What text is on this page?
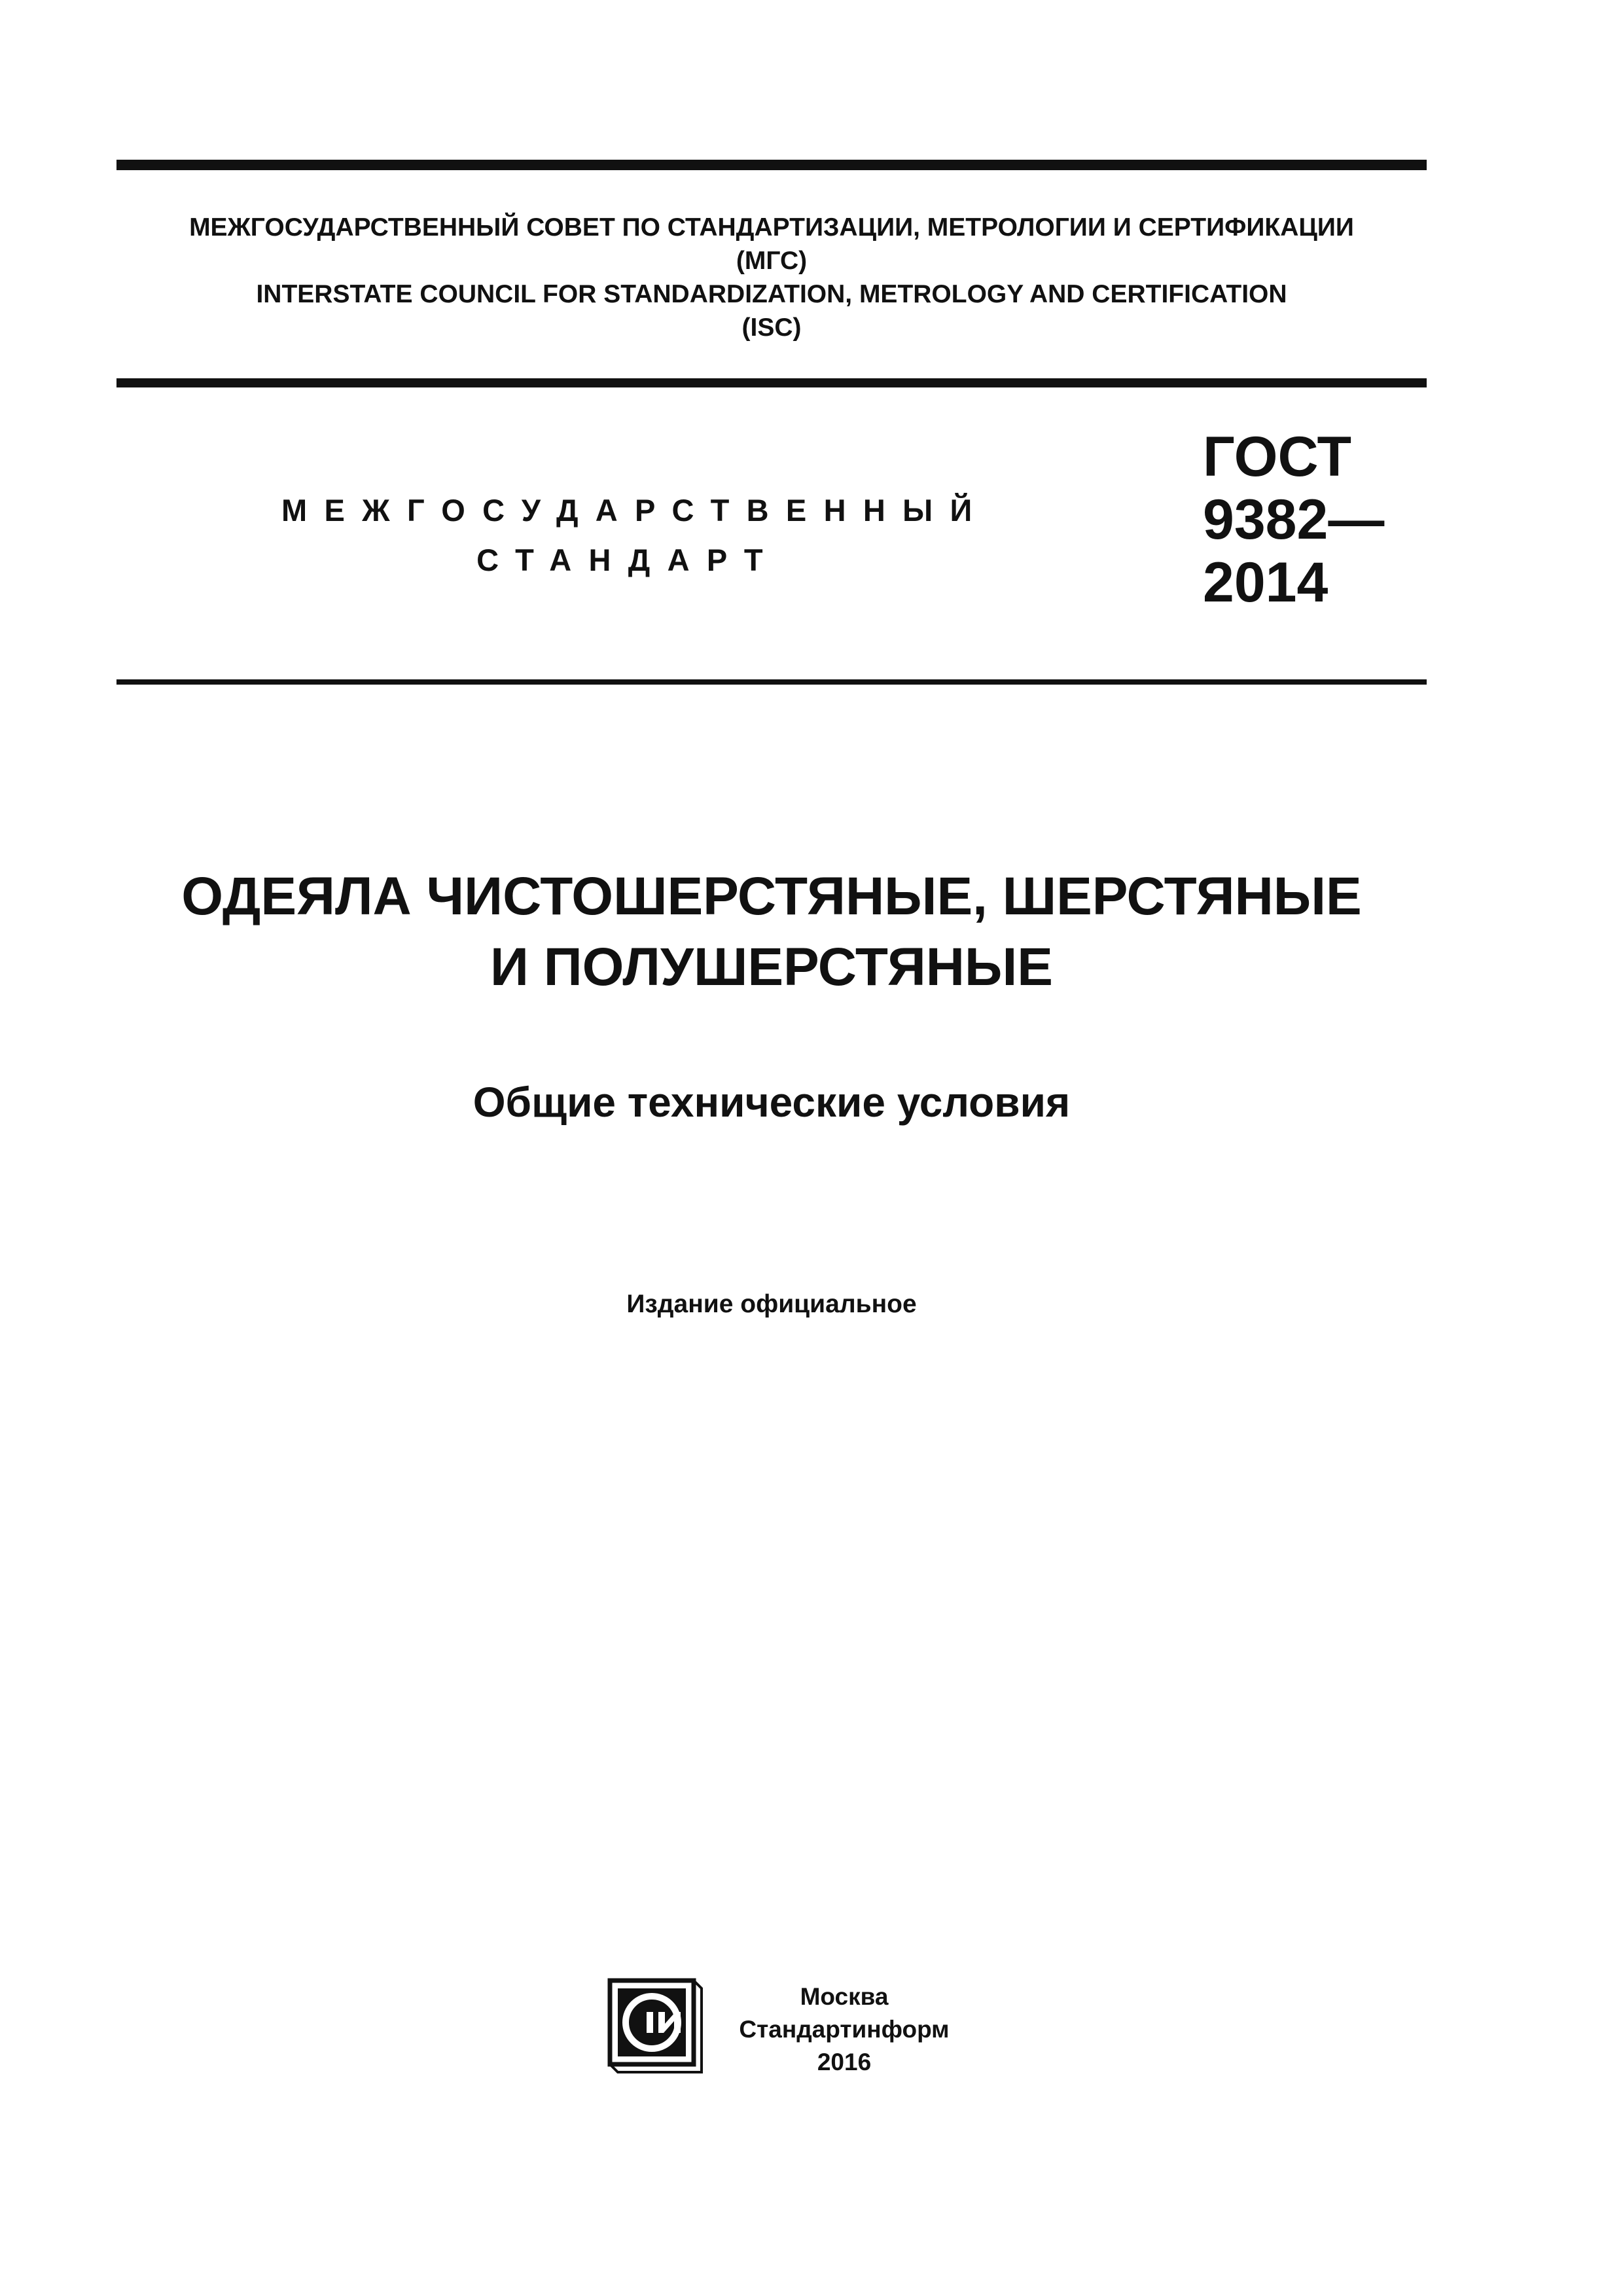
МЕЖГОСУДАРСТВЕННЫЙ СОВЕТ ПО СТАНДАРТИЗАЦИИ, МЕТРОЛОГИИ И СЕРТИФИКАЦИИ
(МГС)
INTERSTATE COUNCIL FOR STANDARDIZATION, METROLOGY AND CERTIFICATION
(ISC)
МЕЖГОСУДАРСТВЕННЫЙ
СТАНДАРТ
ГОСТ
9382—
2014
ОДЕЯЛА ЧИСТОШЕРСТЯНЫЕ, ШЕРСТЯНЫЕ
И ПОЛУШЕРСТЯНЫЕ
Общие технические условия
Издание официальное
Москва
Стандартинформ
2016
